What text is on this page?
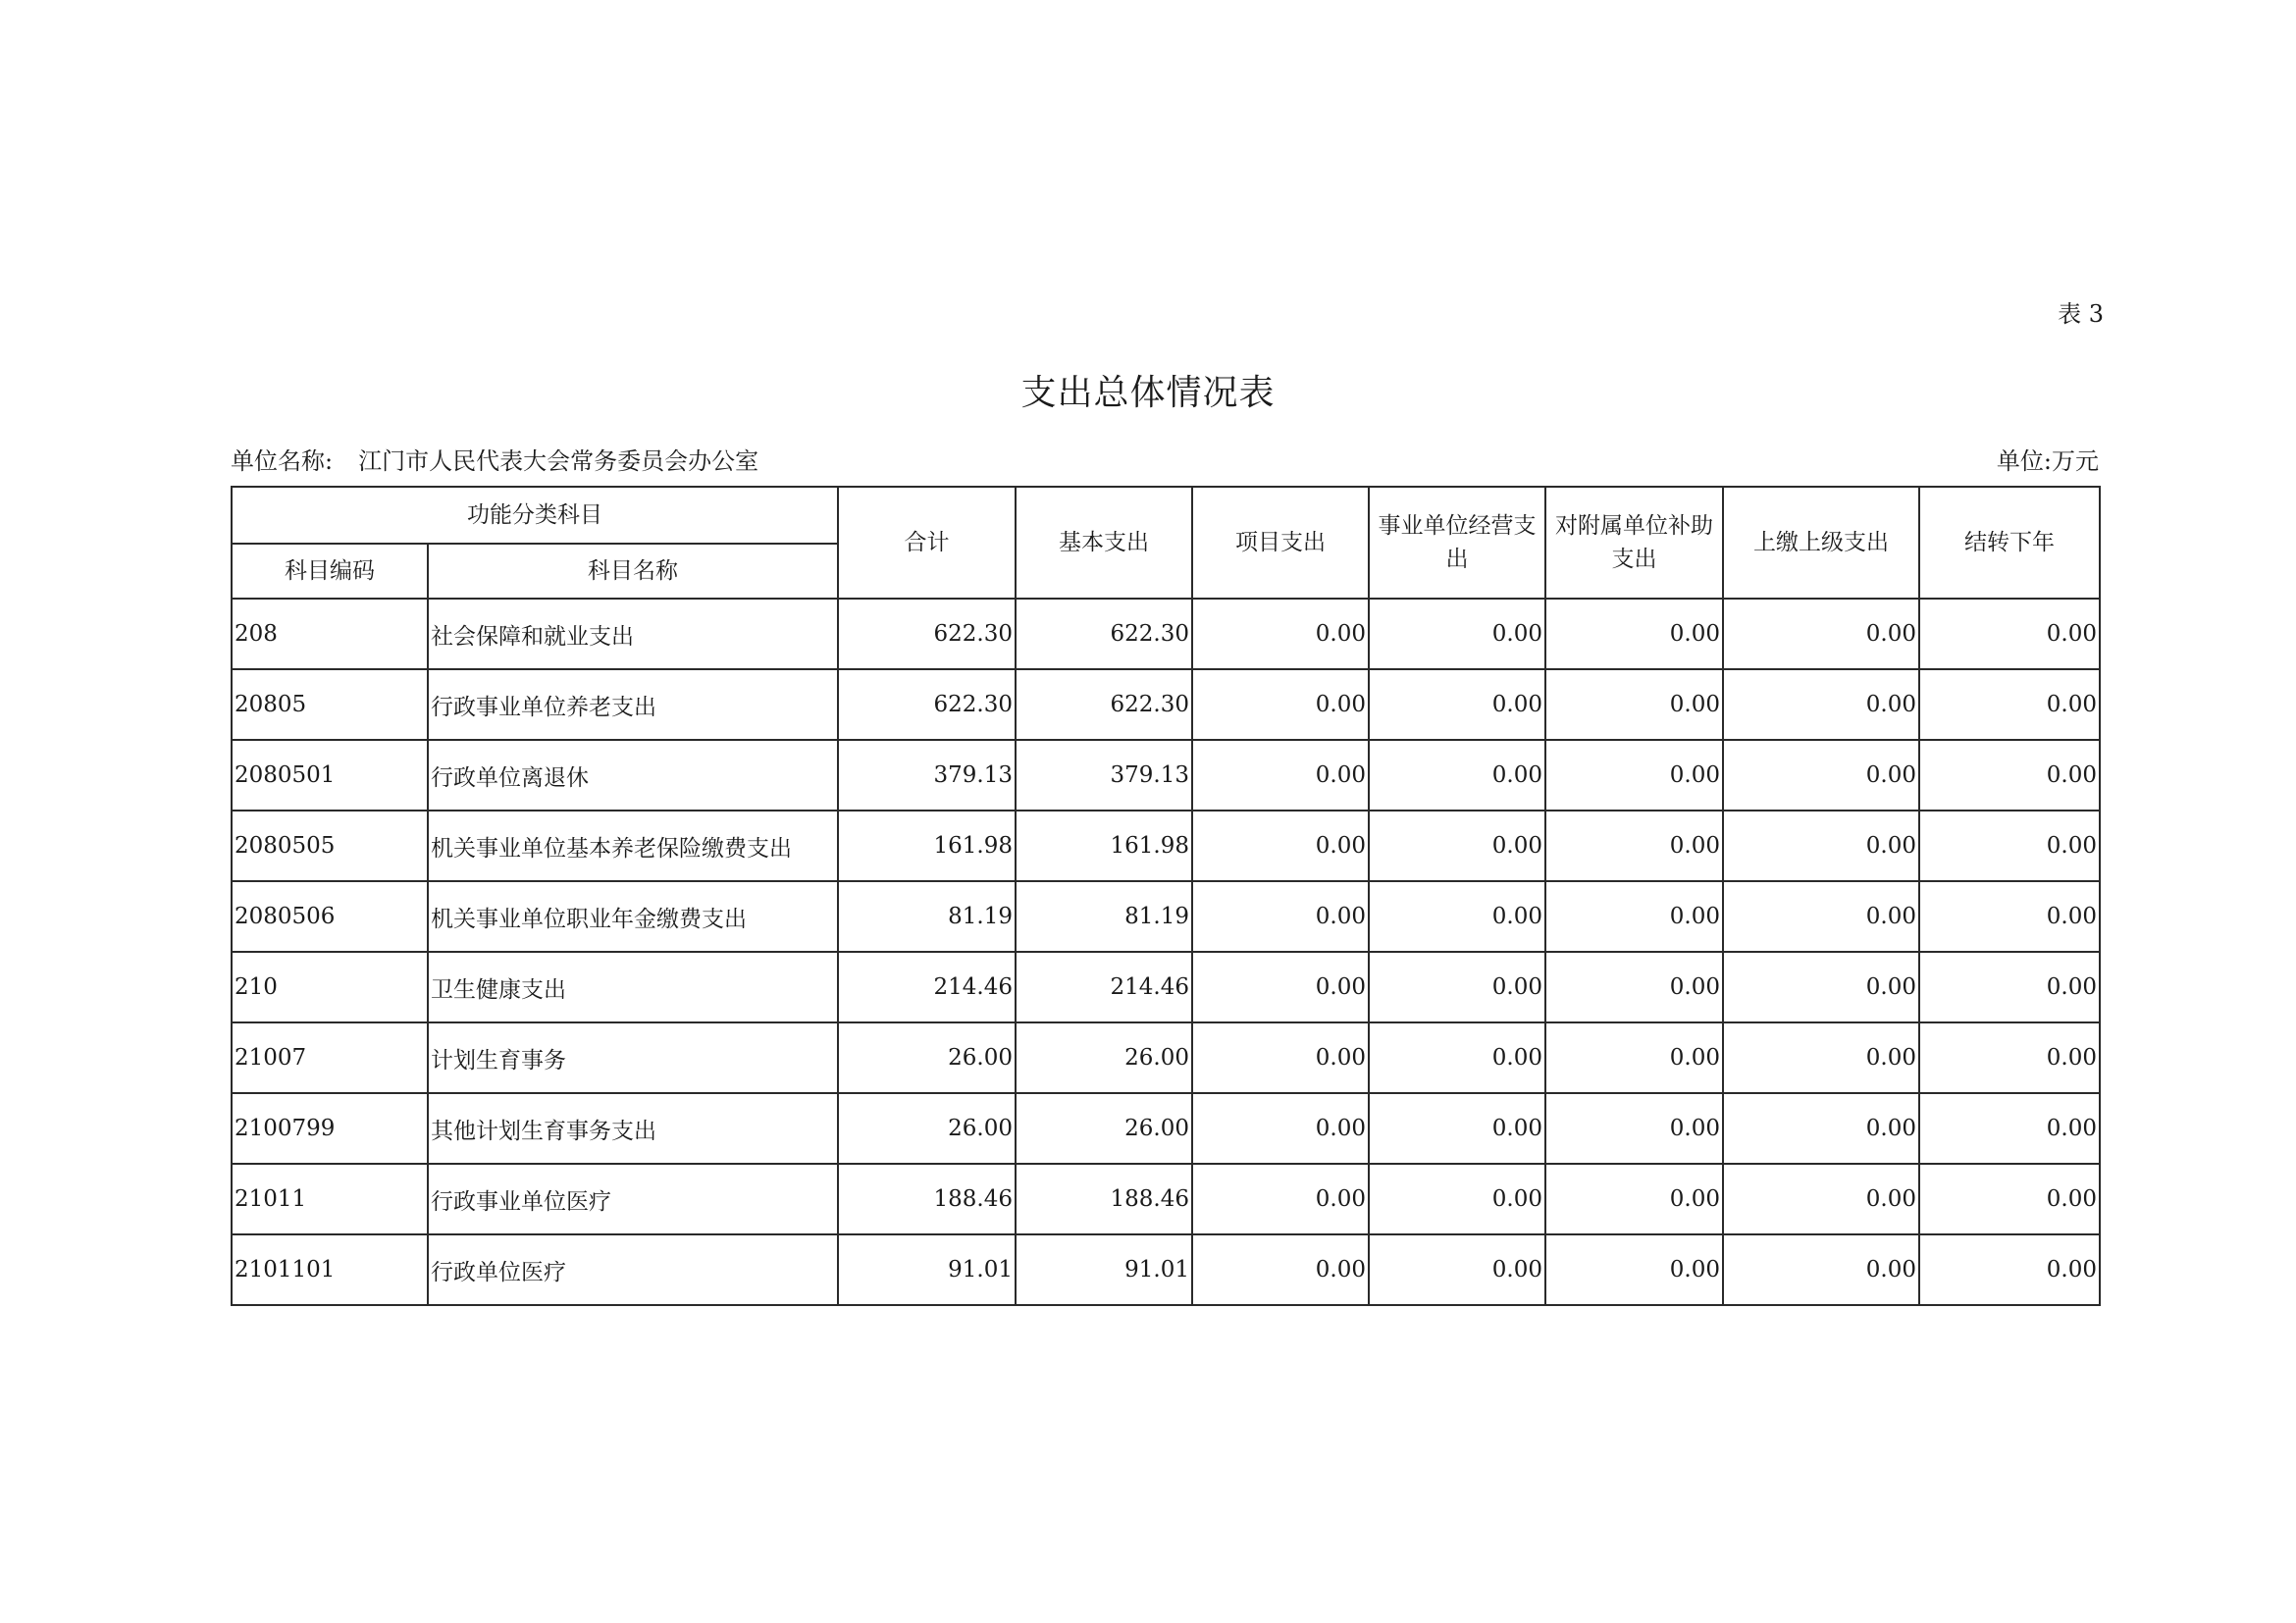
表 3
支出总体情况表
单位名称: 江门市人民代表大会常务委员会办公室	单位:万元
功能分类科目		合计	基本支出	项目支出	事业单位经营支出	对附属单位补助支出	上缴上级支出	结转下年
科目编码	科目名称							
208	社会保障和就业支出	622.30	622.30	0.00	0.00	0.00	0.00	0.00
20805	行政事业单位养老支出	622.30	622.30	0.00	0.00	0.00	0.00	0.00
2080501	行政单位离退休	379.13	379.13	0.00	0.00	0.00	0.00	0.00
2080505	机关事业单位基本养老保险缴费支出	161.98	161.98	0.00	0.00	0.00	0.00	0.00
2080506	机关事业单位职业年金缴费支出	81.19	81.19	0.00	0.00	0.00	0.00	0.00
210	卫生健康支出	214.46	214.46	0.00	0.00	0.00	0.00	0.00
21007	计划生育事务	26.00	26.00	0.00	0.00	0.00	0.00	0.00
2100799	其他计划生育事务支出	26.00	26.00	0.00	0.00	0.00	0.00	0.00
21011	行政事业单位医疗	188.46	188.46	0.00	0.00	0.00	0.00	0.00
2101101	行政单位医疗	91.01	91.01	0.00	0.00	0.00	0.00	0.00
